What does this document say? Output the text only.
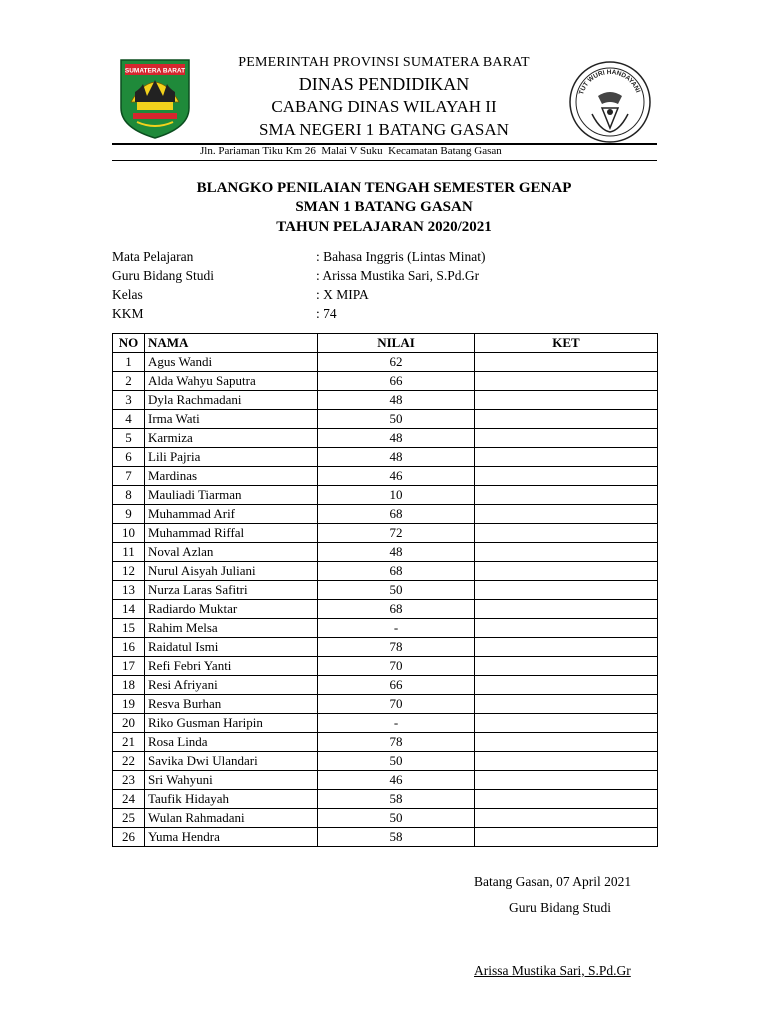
SUMATERA BARAT
TUT WURI HANDAYANI
PEMERINTAH PROVINSI SUMATERA BARAT
DINAS PENDIDIKAN
CABANG DINAS WILAYAH II
SMA NEGERI 1 BATANG GASAN
Jln. Pariaman Tiku Km 26  Malai V Suku  Kecamatan Batang Gasan
BLANGKO PENILAIAN TENGAH SEMESTER GENAP
SMAN 1 BATANG GASAN
TAHUN PELAJARAN 2020/2021
Mata Pelajaran	: Bahasa Inggris (Lintas Minat)
Guru Bidang Studi	: Arissa Mustika Sari, S.Pd.Gr
Kelas	: X MIPA
KKM	: 74
NO	NAMA	NILAI	KET
1	Agus Wandi	62	
2	Alda Wahyu Saputra	66	
3	Dyla Rachmadani	48	
4	Irma Wati	50	
5	Karmiza	48	
6	Lili Pajria	48	
7	Mardinas	46	
8	Mauliadi Tiarman	10	
9	Muhammad Arif	68	
10	Muhammad Riffal	72	
11	Noval Azlan	48	
12	Nurul Aisyah Juliani	68	
13	Nurza Laras Safitri	50	
14	Radiardo Muktar	68	
15	Rahim Melsa	-	
16	Raidatul Ismi	78	
17	Refi Febri Yanti	70	
18	Resi Afriyani	66	
19	Resva Burhan	70	
20	Riko Gusman Haripin	-	
21	Rosa Linda	78	
22	Savika Dwi Ulandari	50	
23	Sri Wahyuni	46	
24	Taufik Hidayah	58	
25	Wulan Rahmadani	50	
26	Yuma Hendra	58	
Batang Gasan, 07 April 2021
Guru Bidang Studi
Arissa Mustika Sari, S.Pd.Gr
